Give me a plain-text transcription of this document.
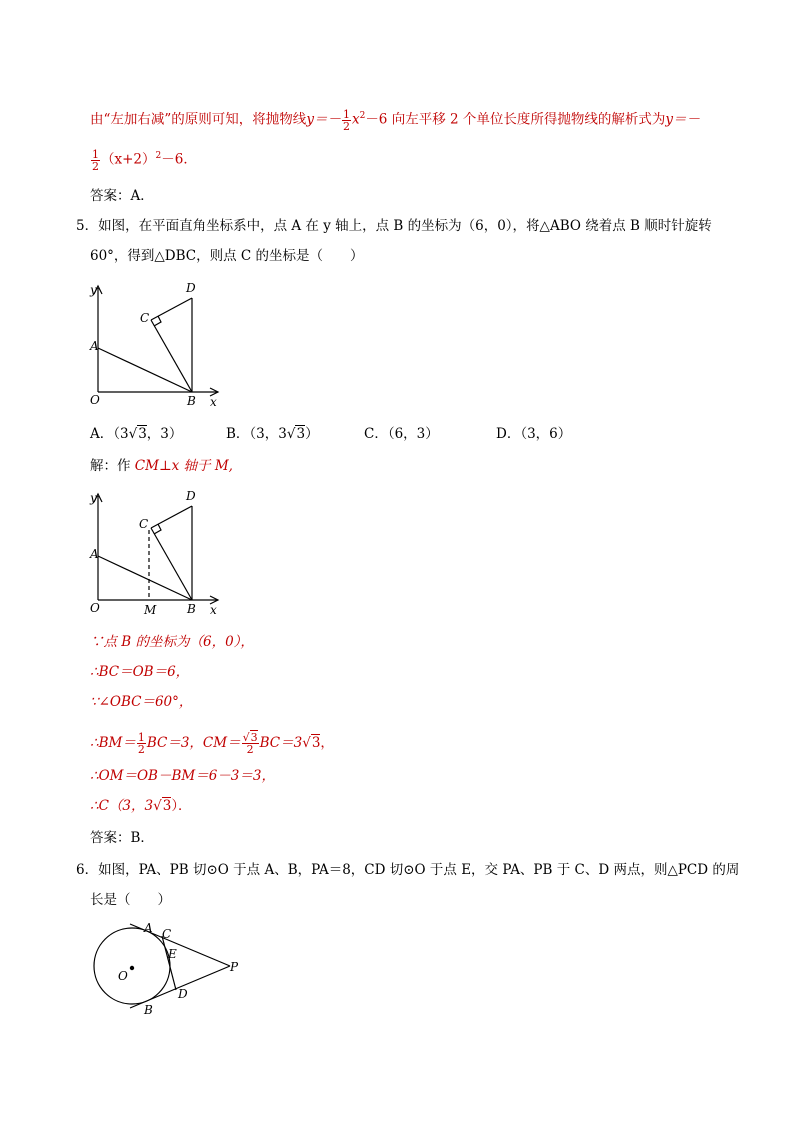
由“左加右减”的原则可知，将抛物线$y=- \frac{1}{2} x^2-6$ 向左平移 2 个单位长度所得抛物线的解析式为y＝－
$\frac{1}{2} (x+2)^2-6$．
答案：A．
5．如图，在平面直角坐标系中，点 A 在 y 轴上，点 B 的坐标为（6，0），将△ABO 绕着点 B 顺时针旋转
60°，得到△DBC，则点 C 的坐标是（　　）
y
O
A
B x
C
D
A．（3√3，3）	B．（3，3√3）	C．（6，3）	D．（3，6）
解：作 CM⊥x 轴于 M,
y
O
A
M	B x
C
D
∵点 B 的坐标为（6，0），
∴BC＝OB＝6，
∵∠OBC＝60°，
∴BM＝ $\frac{1}{2} BC=3$，$CM= \frac{√3}{2} BC=3√3$，
∴OM＝OB－BM＝6－3＝3，
∴C（3，3√3）．
答案：B．
6．如图，PA、PB 切⊙O 于点 A、B，PA＝8，CD 切⊙O 于点 E，交 PA、PB 于 C、D 两点，则△PCD 的周
长是（　　）
A C
E
O
P
D
B
